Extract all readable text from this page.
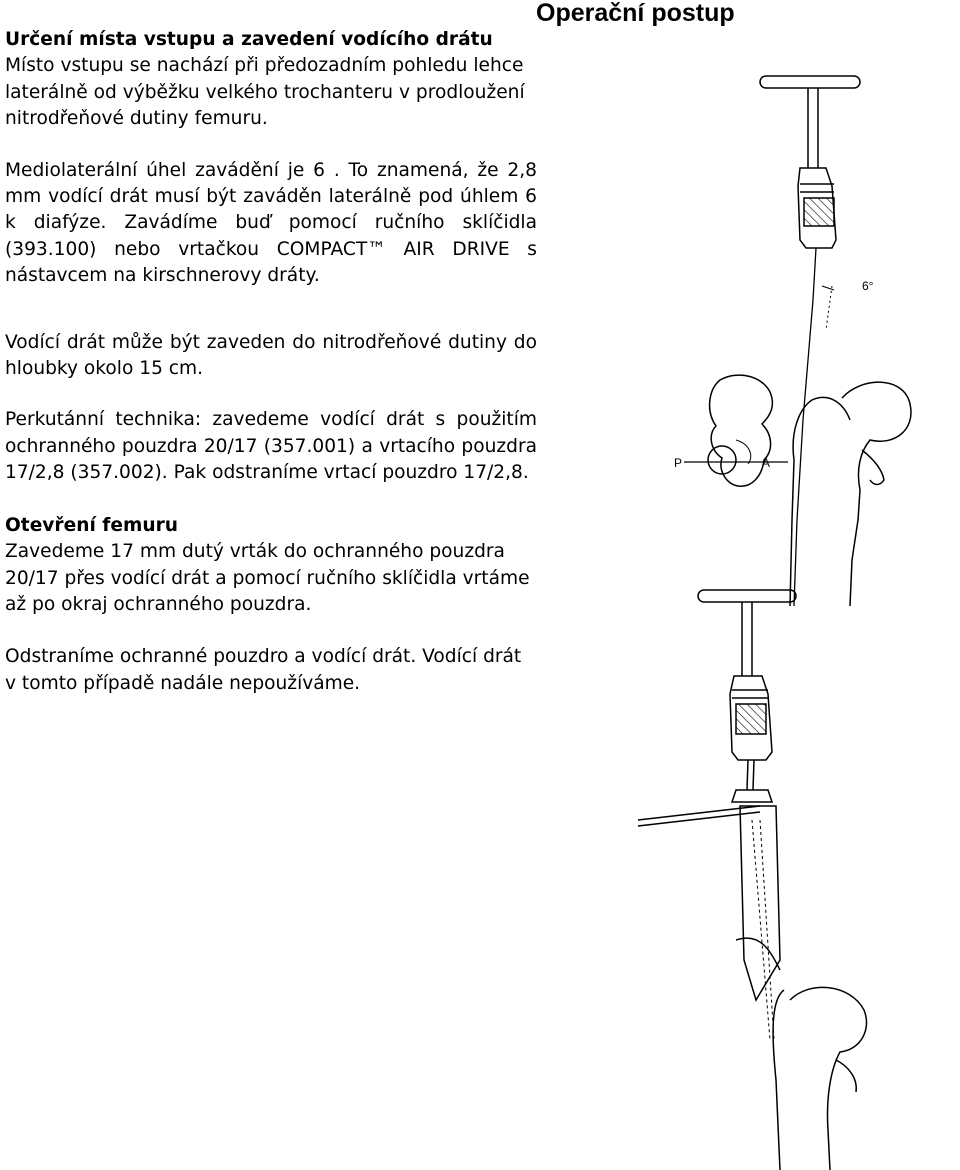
Operační postup

Určení místa vstupu a zavedení vodícího drátu

Místo vstupu se nachází při předozadním pohledu lehce laterálně od výběžku velkého trochanteru v prodloužení nitrodřeňové dutiny femuru.

Mediolaterální úhel zavádění je 6 . To znamená, že 2,8 mm vodící drát musí být zaváděn laterálně pod úhlem 6 k diafýze. Zavádíme buď pomocí ručního sklíčidla (393.100) nebo vrtačkou COMPACT™ AIR DRIVE s nástavcem na kirschnerovy dráty.

Vodící drát může být zaveden do nitrodřeňové dutiny do hloubky okolo 15 cm.

Perkutánní technika: zavedeme vodící drát s použitím ochranného pouzdra 20/17 (357.001) a vrtacího pouzdra 17/2,8 (357.002). Pak odstraníme vrtací pouzdro 17/2,8.

Otevření femuru

Zavedeme 17 mm dutý vrták do ochranného pouzdra 20/17 přes vodící drát a pomocí ručního sklíčidla vrtáme až po okraj ochranného pouzdra.

Odstraníme ochranné pouzdro a vodící drát. Vodící drát v tomto případě nadále nepoužíváme.

6°
P	A
